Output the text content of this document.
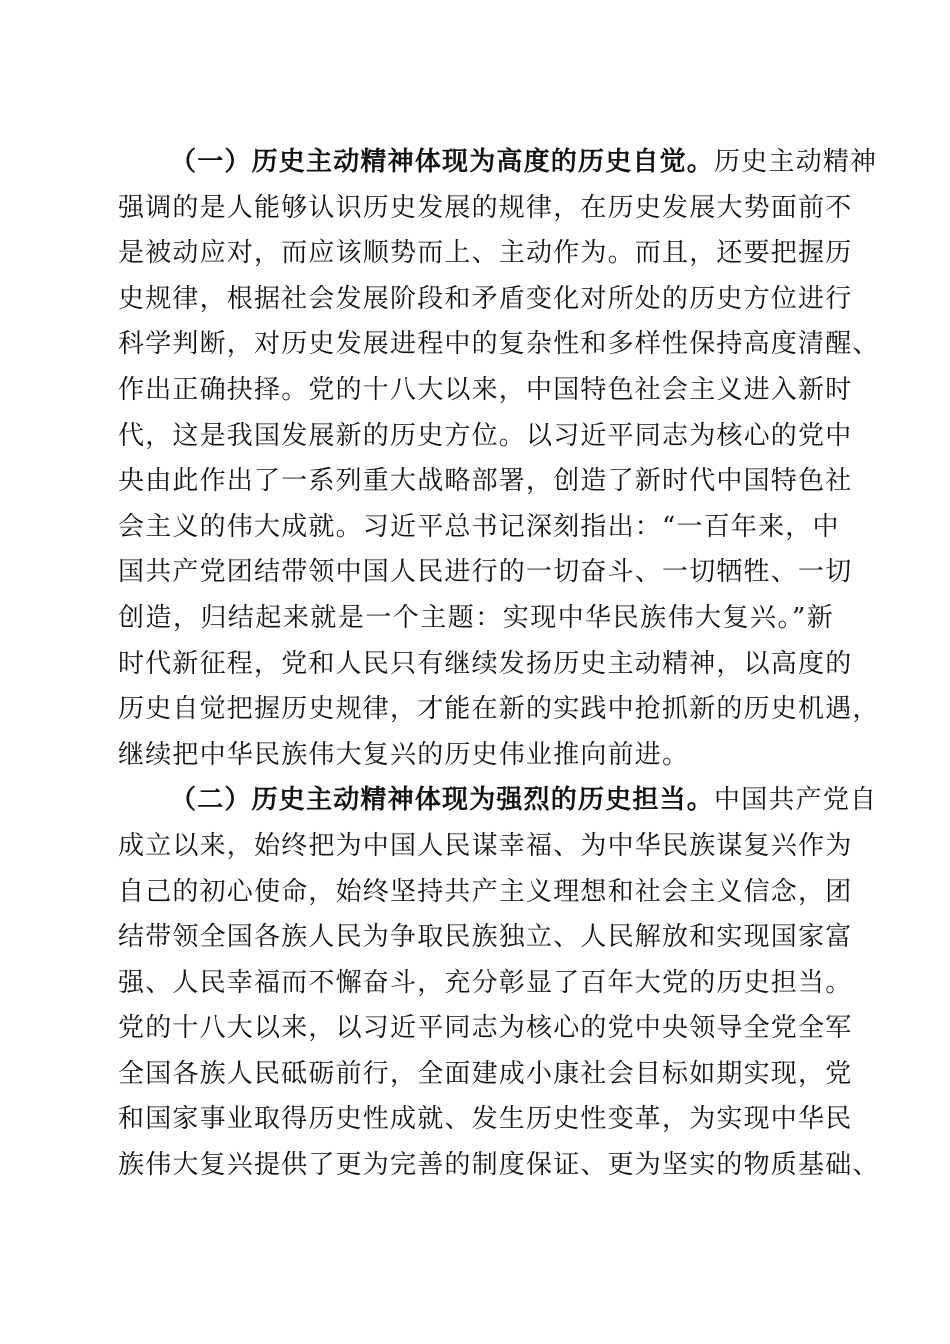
（一）历史主动精神体现为高度的历史自觉。历史主动精神
强调的是人能够认识历史发展的规律，在历史发展大势面前不
是被动应对，而应该顺势而上、主动作为。而且，还要把握历
史规律，根据社会发展阶段和矛盾变化对所处的历史方位进行
科学判断，对历史发展进程中的复杂性和多样性保持高度清醒、
作出正确抉择。党的十八大以来，中国特色社会主义进入新时
代，这是我国发展新的历史方位。以习近平同志为核心的党中
央由此作出了一系列重大战略部署，创造了新时代中国特色社
会主义的伟大成就。习近平总书记深刻指出：“一百年来，中
国共产党团结带领中国人民进行的一切奋斗、一切牺牲、一切
创造，归结起来就是一个主题：实现中华民族伟大复兴。”新
时代新征程，党和人民只有继续发扬历史主动精神，以高度的
历史自觉把握历史规律，才能在新的实践中抢抓新的历史机遇，
继续把中华民族伟大复兴的历史伟业推向前进。
（二）历史主动精神体现为强烈的历史担当。中国共产党自
成立以来，始终把为中国人民谋幸福、为中华民族谋复兴作为
自己的初心使命，始终坚持共产主义理想和社会主义信念，团
结带领全国各族人民为争取民族独立、人民解放和实现国家富
强、人民幸福而不懈奋斗，充分彰显了百年大党的历史担当。
党的十八大以来，以习近平同志为核心的党中央领导全党全军
全国各族人民砥砺前行，全面建成小康社会目标如期实现，党
和国家事业取得历史性成就、发生历史性变革，为实现中华民
族伟大复兴提供了更为完善的制度保证、更为坚实的物质基础、
